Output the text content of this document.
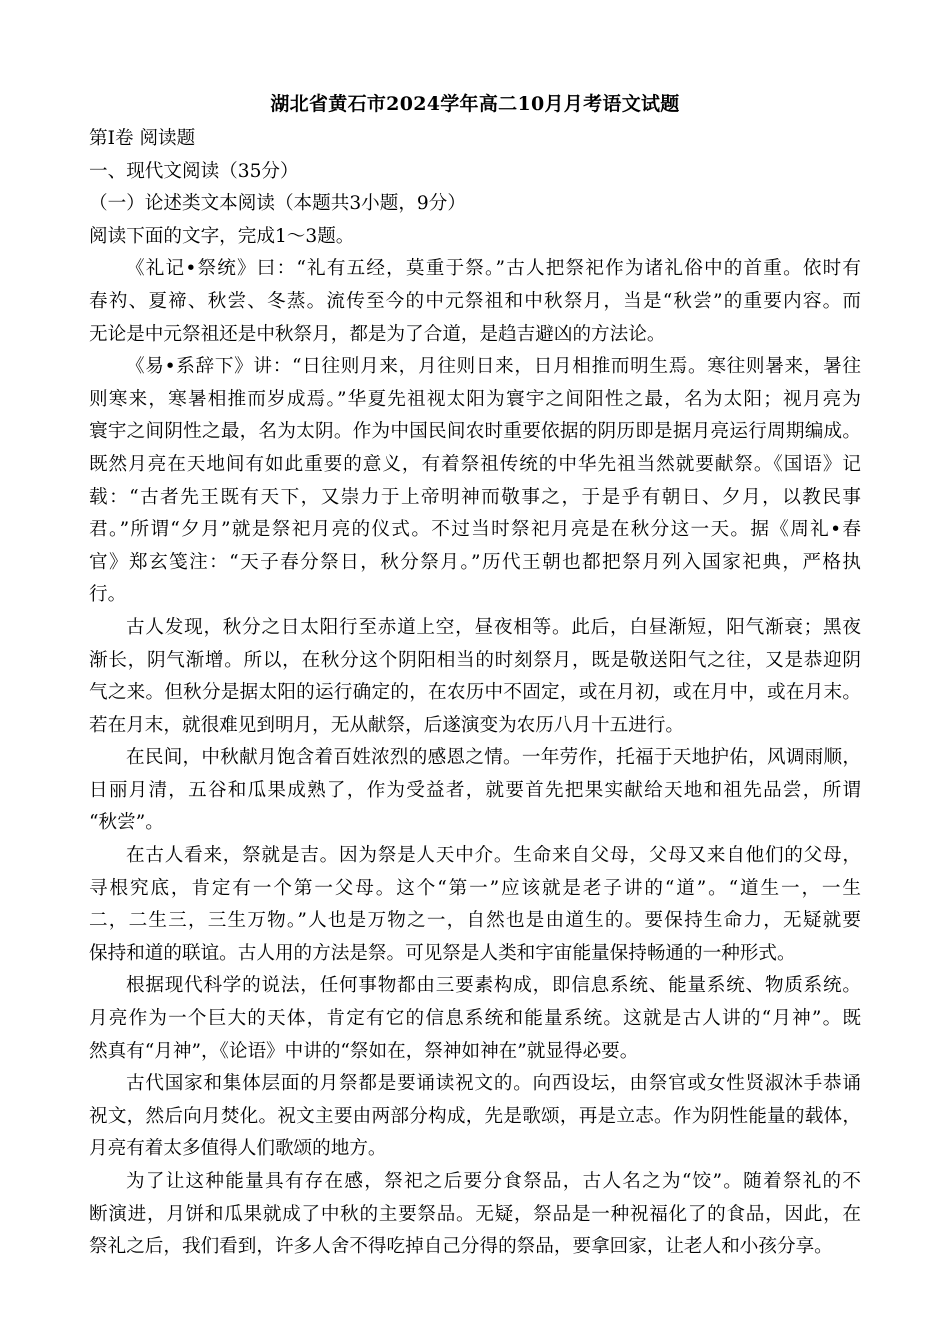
湖北省黄石市2024学年高二10月月考语文试题
第Ⅰ卷 阅读题
一、现代文阅读（35分）
（一）论述类文本阅读（本题共3小题，9分）
阅读下面的文字，完成1～3题。
《礼记•祭统》曰：“礼有五经，莫重于祭。”古人把祭祀作为诸礼俗中的首重。依时有
春礿、夏禘、秋尝、冬蒸。流传至今的中元祭祖和中秋祭月，当是“秋尝”的重要内容。而
无论是中元祭祖还是中秋祭月，都是为了合道，是趋吉避凶的方法论。
《易•系辞下》讲：“日往则月来，月往则日来，日月相推而明生焉。寒往则暑来，暑往
则寒来，寒暑相推而岁成焉。”华夏先祖视太阳为寰宇之间阳性之最，名为太阳；视月亮为
寰宇之间阴性之最，名为太阴。作为中国民间农时重要依据的阴历即是据月亮运行周期编成。
既然月亮在天地间有如此重要的意义，有着祭祖传统的中华先祖当然就要献祭。《国语》记
载：“古者先王既有天下，又崇力于上帝明神而敬事之，于是乎有朝日、夕月，以教民事
君。”所谓“夕月”就是祭祀月亮的仪式。不过当时祭祀月亮是在秋分这一天。据《周礼•春
官》郑玄笺注：“天子春分祭日，秋分祭月。”历代王朝也都把祭月列入国家祀典，严格执
行。
古人发现，秋分之日太阳行至赤道上空，昼夜相等。此后，白昼渐短，阳气渐衰；黑夜
渐长，阴气渐增。所以，在秋分这个阴阳相当的时刻祭月，既是敬送阳气之往，又是恭迎阴
气之来。但秋分是据太阳的运行确定的，在农历中不固定，或在月初，或在月中，或在月末。
若在月末，就很难见到明月，无从献祭，后遂演变为农历八月十五进行。
在民间，中秋献月饱含着百姓浓烈的感恩之情。一年劳作，托福于天地护佑，风调雨顺，
日丽月清，五谷和瓜果成熟了，作为受益者，就要首先把果实献给天地和祖先品尝，所谓
“秋尝”。
在古人看来，祭就是吉。因为祭是人天中介。生命来自父母，父母又来自他们的父母，
寻根究底，肯定有一个第一父母。这个“第一”应该就是老子讲的“道”。“道生一，一生
二，二生三，三生万物。”人也是万物之一，自然也是由道生的。要保持生命力，无疑就要
保持和道的联谊。古人用的方法是祭。可见祭是人类和宇宙能量保持畅通的一种形式。
根据现代科学的说法，任何事物都由三要素构成，即信息系统、能量系统、物质系统。
月亮作为一个巨大的天体，肯定有它的信息系统和能量系统。这就是古人讲的“月神”。既
然真有“月神”，《论语》中讲的“祭如在，祭神如神在”就显得必要。
古代国家和集体层面的月祭都是要诵读祝文的。向西设坛，由祭官或女性贤淑沐手恭诵
祝文，然后向月焚化。祝文主要由两部分构成，先是歌颂，再是立志。作为阴性能量的载体，
月亮有着太多值得人们歌颂的地方。
为了让这种能量具有存在感，祭祀之后要分食祭品，古人名之为“饺”。随着祭礼的不
断演进，月饼和瓜果就成了中秋的主要祭品。无疑，祭品是一种祝福化了的食品，因此，在
祭礼之后，我们看到，许多人舍不得吃掉自己分得的祭品，要拿回家，让老人和小孩分享。
